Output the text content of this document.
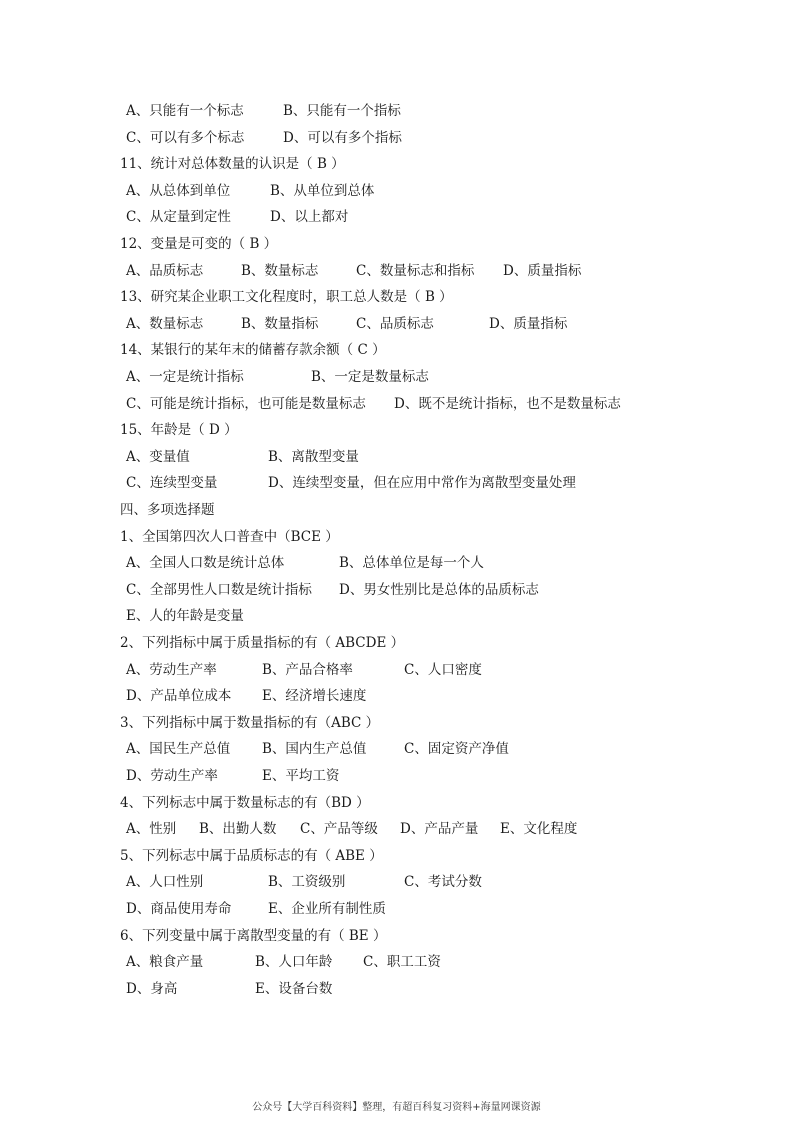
A、只能有一个标志	B、只能有一个指标
C、可以有多个标志	D、可以有多个指标
11、统计对总体数量的认识是（ B ）
A、从总体到单位	B、从单位到总体
C、从定量到定性	D、以上都对
12、变量是可变的（ B ）
A、品质标志	B、数量标志	C、数量标志和指标 D、质量指标
13、研究某企业职工文化程度时，职工总人数是（ B ）
A、数量标志	B、数量指标	C、品质标志	D、质量指标
14、某银行的某年末的储蓄存款余额（ C ）
A、一定是统计指标	B、一定是数量标志
C、可能是统计指标，也可能是数量标志 D、既不是统计指标，也不是数量标志
15、年龄是（ D ）
A、变量值	B、离散型变量
C、连续型变量	D、连续型变量，但在应用中常作为离散型变量处理
四、多项选择题
1、全国第四次人口普查中（BCE ）
A、全国人口数是统计总体	B、总体单位是每一个人
C、全部男性人口数是统计指标 D、男女性别比是总体的品质标志
E、人的年龄是变量
2、下列指标中属于质量指标的有（ ABCDE ）
A、劳动生产率	B、产品合格率	C、人口密度
D、产品单位成本 E、经济增长速度
3、下列指标中属于数量指标的有（ABC ）
A、国民生产总值 B、国内生产总值	C、固定资产净值
D、劳动生产率	E、平均工资
4、下列标志中属于数量标志的有（BD ）
A、性别 B、出勤人数 C、产品等级 D、产品产量 E、文化程度
5、下列标志中属于品质标志的有（ ABE ）
A、人口性别	B、工资级别	C、考试分数
D、商品使用寿命	E、企业所有制性质
6、下列变量中属于离散型变量的有（ BE ）
A、粮食产量	B、人口年龄 C、职工工资
D、身高	E、设备台数
公众号【大学百科资料】整理，有超百科复习资料+海量网课资源
